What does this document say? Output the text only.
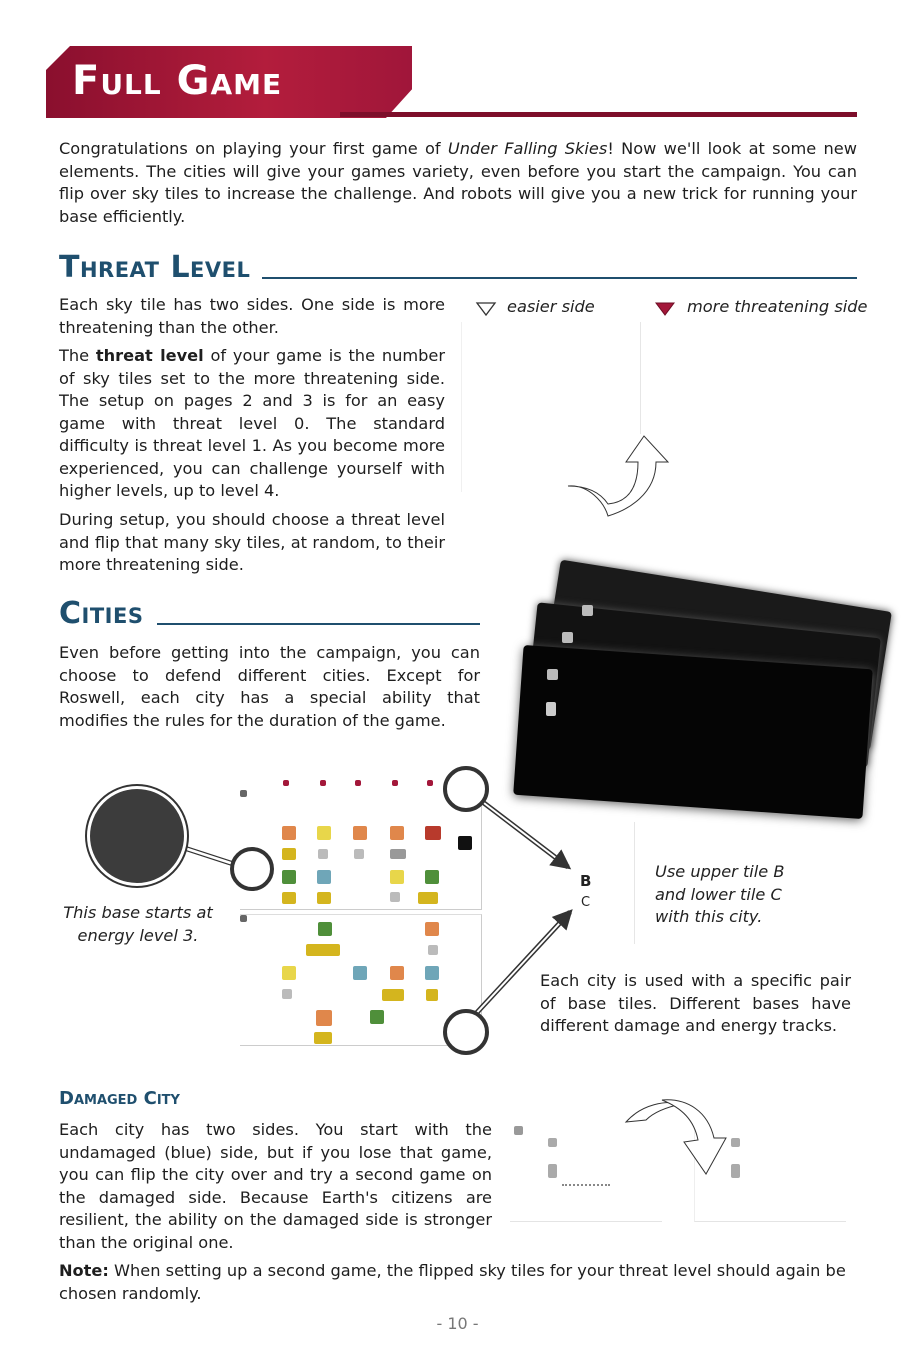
Full Game

Congratulations on playing your first game of Under Falling Skies! Now we'll look at some new elements. The cities will give your games variety, even before you start the campaign. You can flip over sky tiles to increase the challenge. And robots will give you a new trick for running your base efficiently.

Threat Level

Each sky tile has two sides. One side is more threatening than the other.

The threat level of your game is the number of sky tiles set to the more threatening side. The setup on pages 2 and 3 is for an easy game with threat level 0. The standard difficulty is threat level 1. As you become more experienced, you can challenge yourself with higher levels, up to level 4.

During setup, you should choose a threat level and flip that many sky tiles, at random, to their more threatening side.

easier side	more threatening side
Cities

Even before getting into the campaign, you can choose to defend different cities. Except for Roswell, each city has a special ability that modifies the rules for the duration of the game.

This base starts at energy level 3.
B
C
Use upper tile B and lower tile C with this city.

Each city is used with a specific pair of base tiles. Different bases have different damage and energy tracks.

Damaged City

Each city has two sides. You start with the undamaged (blue) side, but if you lose that game, you can flip the city over and try a second game on the damaged side. Because Earth's citizens are resilient, the ability on the damaged side is stronger than the original one.

Note: When setting up a second game, the flipped sky tiles for your threat level should again be chosen randomly.

- 10 -
